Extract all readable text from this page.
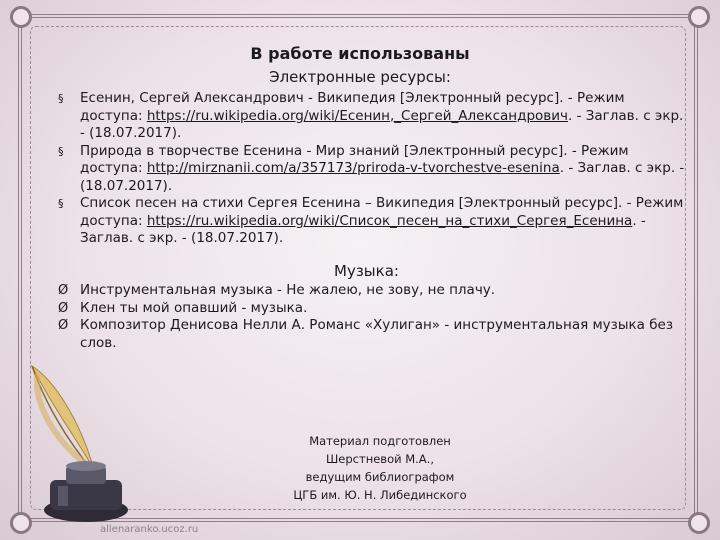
В работе использованы
Электронные ресурсы:
§ Есенин, Сергей Александрович - Википедия [Электронный ресурс]. - Режим доступа: https://ru.wikipedia.org/wiki/Есенин,_Сергей_Александрович. - Заглав. с экр. - (18.07.2017).
§ Природа в творчестве Есенина - Мир знаний [Электронный ресурс]. - Режим доступа: http://mirznanii.com/a/357173/priroda-v-tvorchestve-esenina. - Заглав. с экр. - (18.07.2017).
§ Список песен на стихи Сергея Есенина – Википедия [Электронный ресурс]. - Режим доступа: https://ru.wikipedia.org/wiki/Список_песен_на_стихи_Сергея_Есенина. - Заглав. с экр. - (18.07.2017).
Музыка:
Ø Инструментальная музыка - Не жалею, не зову, не плачу.
Ø Клен ты мой опавший - музыка.
Ø Композитор Денисова Нелли А. Романс «Хулиган» - инструментальная музыка без слов.
Материал подготовлен
Шерстневой М.А.,
ведущим библиографом
ЦГБ им. Ю. Н. Либединского
allenaranko.ucoz.ru
